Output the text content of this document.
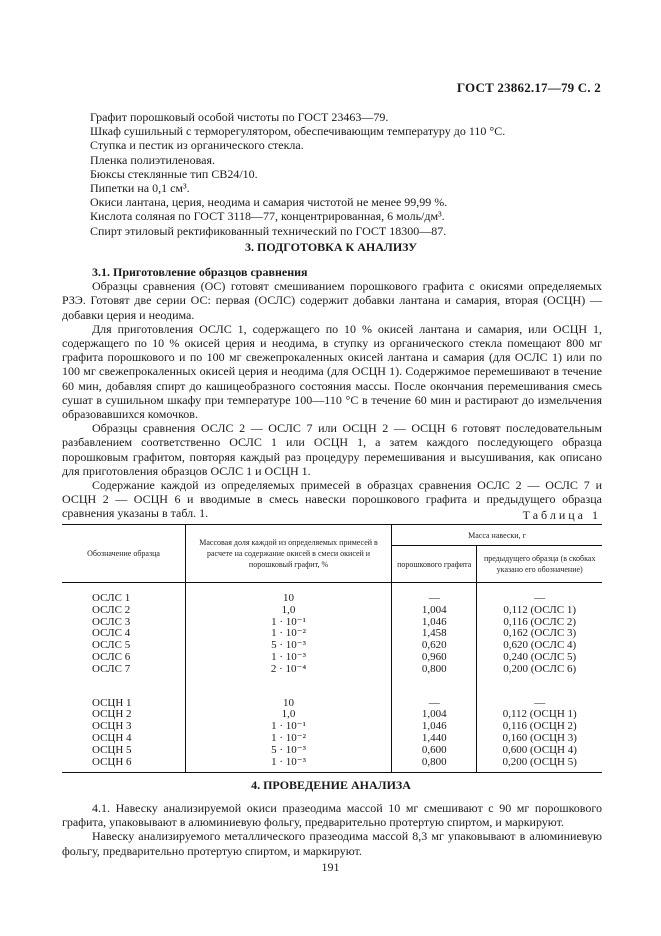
ГОСТ 23862.17—79 С. 2
Графит порошковый особой чистоты по ГОСТ 23463—79.
Шкаф сушильный с терморегулятором, обеспечивающим температуру до 110 °С.
Ступка и пестик из органического стекла.
Пленка полиэтиленовая.
Бюксы стеклянные тип СВ24/10.
Пипетки на 0,1 см³.
Окиси лантана, церия, неодима и самария чистотой не менее 99,99 %.
Кислота соляная по ГОСТ 3118—77, концентрированная, 6 моль/дм³.
Спирт этиловый ректификованный технический по ГОСТ 18300—87.
3. ПОДГОТОВКА К АНАЛИЗУ

3.1. Приготовление образцов сравнения

Образцы сравнения (ОС) готовят смешиванием порошкового графита с окисями определяемых РЗЭ. Готовят две серии ОС: первая (ОСЛС) содержит добавки лантана и самария, вторая (ОСЦН) — добавки церия и неодима.

Для приготовления ОСЛС 1, содержащего по 10 % окисей лантана и самария, или ОСЦН 1, содержащего по 10 % окисей церия и неодима, в ступку из органического стекла помещают 800 мг графита порошкового и по 100 мг свежепрокаленных окисей лантана и самария (для ОСЛС 1) или по 100 мг свежепрокаленных окисей церия и неодима (для ОСЦН 1). Содержимое перемешивают в течение 60 мин, добавляя спирт до кашицеобразного состояния массы. После окончания перемешивания смесь сушат в сушильном шкафу при температуре 100—110 °С в течение 60 мин и растирают до измельчения образовавшихся комочков.

Образцы сравнения ОСЛС 2 — ОСЛС 7 или ОСЦН 2 — ОСЦН 6 готовят последовательным разбавлением соответственно ОСЛС 1 или ОСЦН 1, а затем каждого последующего образца порошковым графитом, повторяя каждый раз процедуру перемешивания и высушивания, как описано для приготовления образцов ОСЛС 1 и ОСЦН 1.

Содержание каждой из определяемых примесей в образцах сравнения ОСЛС 2 — ОСЛС 7 и ОСЦН 2 — ОСЦН 6 и вводимые в смесь навески порошкового графита и предыдущего образца сравнения указаны в табл. 1.	Таблица 1
Обозначение образца	Массовая доля каждой из определяемых примесей в расчете на содержание окисей в смеси окисей и порошковый графит, %	Масса навески, г	
		порошкового графита	предыдущего образца (в скобках указано его обозначение)
ОСЛС 1	10	—	—
ОСЛС 2	1,0	1,004	0,112 (ОСЛС 1)
ОСЛС 3	1 · 10⁻¹	1,046	0,116 (ОСЛС 2)
ОСЛС 4	1 · 10⁻²	1,458	0,162 (ОСЛС 3)
ОСЛС 5	5 · 10⁻³	0,620	0,620 (ОСЛС 4)
ОСЛС 6	1 · 10⁻³	0,960	0,240 (ОСЛС 5)
ОСЛС 7	2 · 10⁻⁴	0,800	0,200 (ОСЛС 6)

ОСЦН 1	10	—	—
ОСЦН 2	1,0	1,004	0,112 (ОСЦН 1)
ОСЦН 3	1 · 10⁻¹	1,046	0,116 (ОСЦН 2)
ОСЦН 4	1 · 10⁻²	1,440	0,160 (ОСЦН 3)
ОСЦН 5	5 · 10⁻³	0,600	0,600 (ОСЦН 4)
ОСЦН 6	1 · 10⁻³	0,800	0,200 (ОСЦН 5)

4. ПРОВЕДЕНИЕ АНАЛИЗА

4.1. Навеску анализируемой окиси празеодима массой 10 мг смешивают с 90 мг порошкового графита, упаковывают в алюминиевую фольгу, предварительно протертую спиртом, и маркируют.

Навеску анализируемого металлического празеодима массой 8,3 мг упаковывают в алюминиевую фольгу, предварительно протертую спиртом, и маркируют.

191
